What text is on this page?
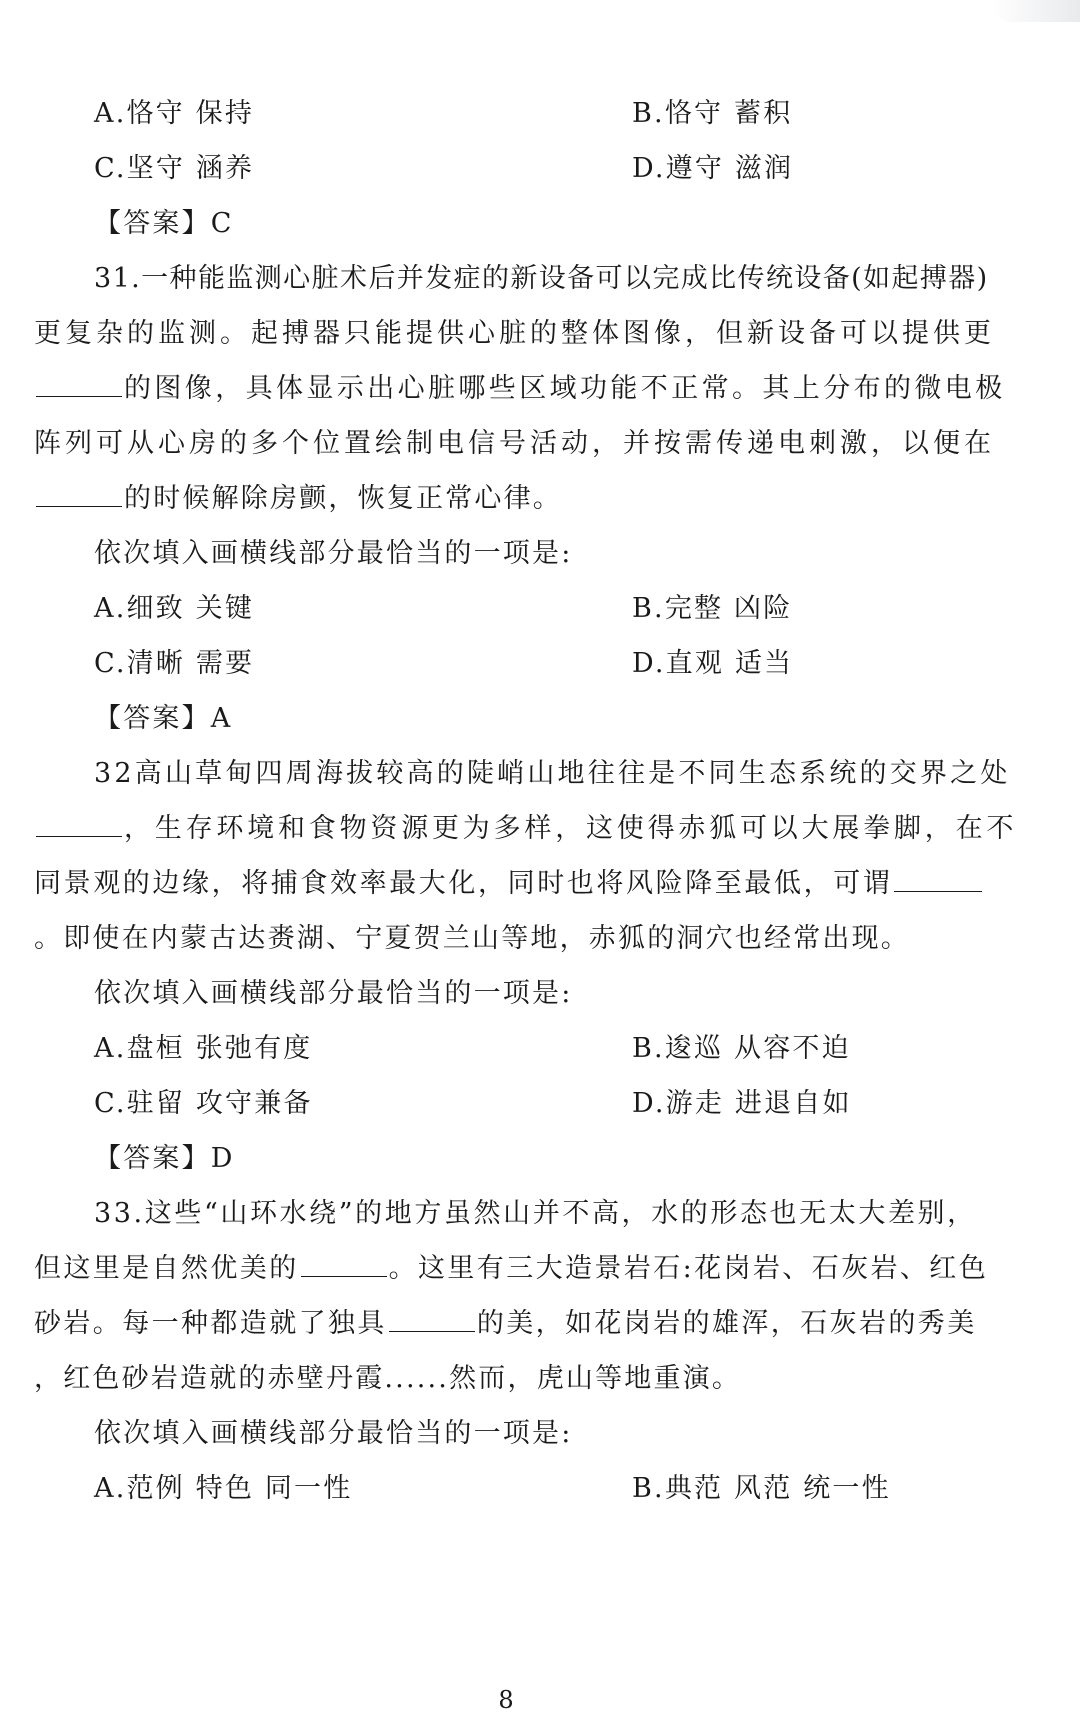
A.恪守 保持	B.恪守 蓄积
C.坚守 涵养	D.遵守 滋润
【答案】C
31.一种能监测心脏术后并发症的新设备可以完成比传统设备(如起搏器)
更复杂的监测。起搏器只能提供心脏的整体图像，但新设备可以提供更
的图像，具体显示出心脏哪些区域功能不正常。其上分布的微电极
阵列可从心房的多个位置绘制电信号活动，并按需传递电刺激，以便在
的时候解除房颤，恢复正常心律。
依次填入画横线部分最恰当的一项是:
A.细致 关键	B.完整 凶险
C.清晰 需要	D.直观 适当
【答案】A
32高山草甸四周海拔较高的陡峭山地往往是不同生态系统的交界之处
，生存环境和食物资源更为多样，这使得赤狐可以大展拳脚，在不
同景观的边缘，将捕食效率最大化，同时也将风险降至最低，可谓
。即使在内蒙古达赉湖、宁夏贺兰山等地，赤狐的洞穴也经常出现。
依次填入画横线部分最恰当的一项是:
A.盘桓 张弛有度	B.逡巡 从容不迫
C.驻留 攻守兼备	D.游走 进退自如
【答案】D
33.这些“山环水绕”的地方虽然山并不高，水的形态也无太大差别，
但这里是自然优美的	。这里有三大造景岩石:花岗岩、石灰岩、红色
砂岩。每一种都造就了独具	的美，如花岗岩的雄浑，石灰岩的秀美
，红色砂岩造就的赤壁丹霞......然而，虎山等地重演。
依次填入画横线部分最恰当的一项是:
A.范例 特色 同一性	B.典范 风范 统一性
8
